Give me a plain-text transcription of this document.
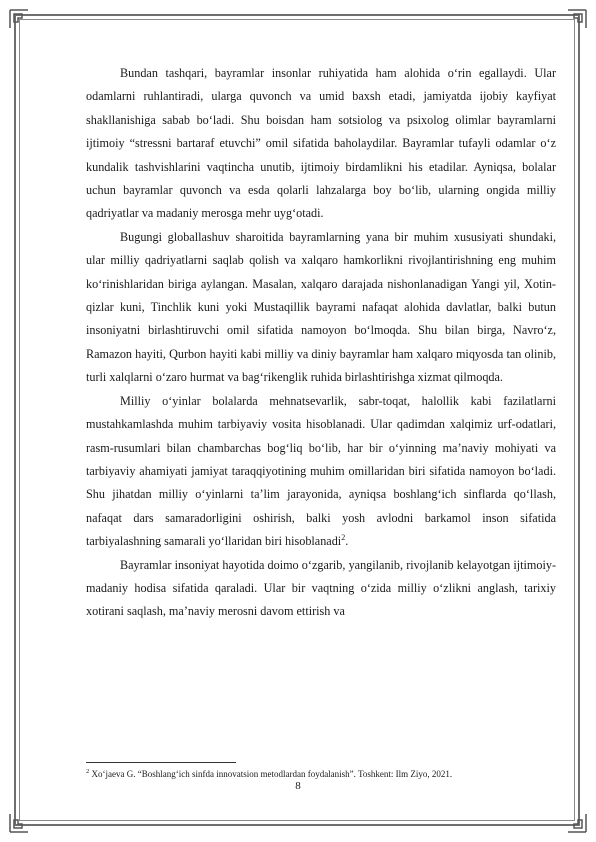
Bundan tashqari, bayramlar insonlar ruhiyatida ham alohida oʻrin egallaydi. Ular odamlarni ruhlantiradi, ularga quvonch va umid baxsh etadi, jamiyatda ijobiy kayfiyat shakllanishiga sabab boʻladi. Shu boisdan ham sotsiolog va psixolog olimlar bayramlarni ijtimoiy “stressni bartaraf etuvchi” omil sifatida baholaydilar. Bayramlar tufayli odamlar oʻz kundalik tashvishlarini vaqtincha unutib, ijtimoiy birdamlikni his etadilar. Ayniqsa, bolalar uchun bayramlar quvonch va esda qolarli lahzalarga boy boʻlib, ularning ongida milliy qadriyatlar va madaniy merosga mehr uygʻotadi.

Bugungi globallashuv sharoitida bayramlarning yana bir muhim xususiyati shundaki, ular milliy qadriyatlarni saqlab qolish va xalqaro hamkorlikni rivojlantirishning eng muhim koʻrinishlaridan biriga aylangan. Masalan, xalqaro darajada nishonlanadigan Yangi yil, Xotin-qizlar kuni, Tinchlik kuni yoki Mustaqillik bayrami nafaqat alohida davlatlar, balki butun insoniyatni birlashtiruvchi omil sifatida namoyon boʻlmoqda. Shu bilan birga, Navroʻz, Ramazon hayiti, Qurbon hayiti kabi milliy va diniy bayramlar ham xalqaro miqyosda tan olinib, turli xalqlarni oʻzaro hurmat va bagʻrikenglik ruhida birlashtirishga xizmat qilmoqda.

Milliy oʻyinlar bolalarda mehnatsevarlik, sabr-toqat, halollik kabi fazilatlarni mustahkamlashda muhim tarbiyaviy vosita hisoblanadi. Ular qadimdan xalqimiz urf-odatlari, rasm-rusumlari bilan chambarchas bogʻliq boʻlib, har bir oʻyinning maʼnaviy mohiyati va tarbiyaviy ahamiyati jamiyat taraqqiyotining muhim omillaridan biri sifatida namoyon boʻladi. Shu jihatdan milliy oʻyinlarni taʼlim jarayonida, ayniqsa boshlangʻich sinflarda qoʻllash, nafaqat dars samaradorligini oshirish, balki yosh avlodni barkamol inson sifatida tarbiyalashning samarali yoʻllaridan biri hisoblanadi$^2$.

Bayramlar insoniyat hayotida doimo oʻzgarib, yangilanib, rivojlanib kelayotgan ijtimoiy-madaniy hodisa sifatida qaraladi. Ular bir vaqtning oʻzida milliy oʻzlikni anglash, tarixiy xotirani saqlash, maʼnaviy merosni davom ettirish va

$^2$ Xoʻjaeva G. “Boshlangʻich sinfda innovatsion metodlardan foydalanish”. Toshkent: Ilm Ziyo, 2021.
8
